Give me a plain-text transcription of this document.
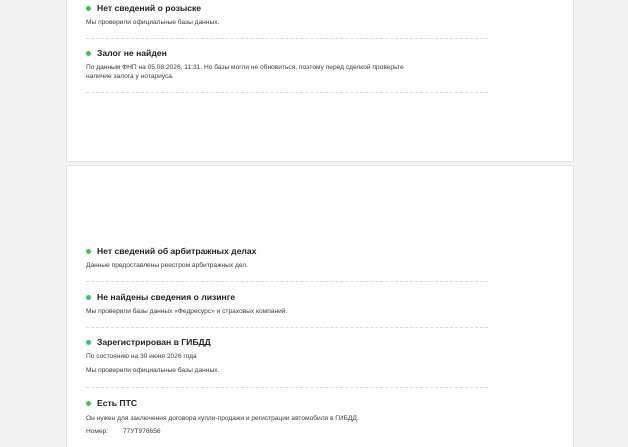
Нет сведений о розыске
Мы проверили официальные базы данных.
Залог не найден
По данным ФНП на 05.08.2026, 11:31. Но базы могли не обновиться, поэтому перед сделкой проверьте наличие залога у нотариуса.
Нет сведений об арбитражных делах
Данные предоставлены реестром арбитражных дел.
Не найдены сведения о лизинге
Мы проверили базы данных «Федресурс» и страховых компаний.
Зарегистрирован в ГИБДД
По состоянию на 30 июня 2026 года
Мы проверили официальные базы данных.
Есть ПТС
Он нужен для заключения договора купли-продажи и регистрации автомобиля в ГИБДД.
Номер:	77УТ976656
